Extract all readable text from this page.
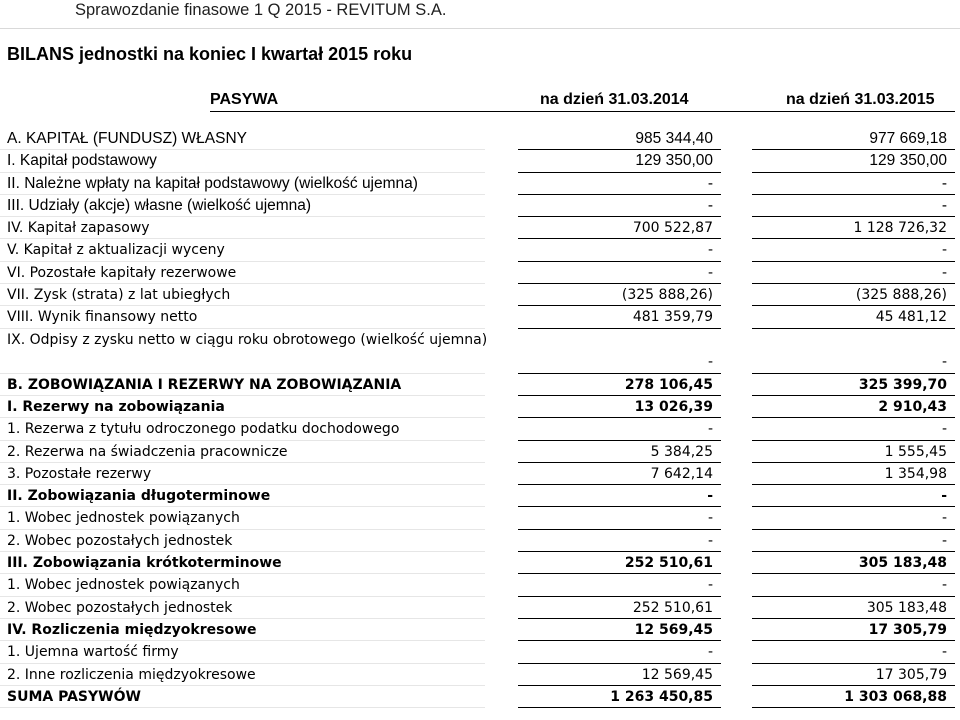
Sprawozdanie finasowe 1 Q 2015 - REVITUM S.A.
BILANS jednostki na koniec I kwartał 2015 roku
PASYWA	na dzień 31.03.2014	na dzień 31.03.2015
A. KAPITAŁ (FUNDUSZ) WŁASNY	985 344,40	977 669,18
I. Kapitał podstawowy	129 350,00	129 350,00
II. Należne wpłaty na kapitał podstawowy (wielkość ujemna)	-	-
III. Udziały (akcje) własne (wielkość ujemna)	-	-
IV. Kapitał zapasowy	700 522,87	1 128 726,32
V. Kapitał z aktualizacji wyceny	-	-
VI. Pozostałe kapitały rezerwowe	-	-
VII. Zysk (strata) z lat ubiegłych	(325 888,26)	(325 888,26)
VIII. Wynik finansowy netto	481 359,79	45 481,12
IX. Odpisy z zysku netto w ciągu roku obrotowego (wielkość ujemna)
-	-
B. ZOBOWIĄZANIA I REZERWY NA ZOBOWIĄZANIA	278 106,45	325 399,70
I. Rezerwy na zobowiązania	13 026,39	2 910,43
1. Rezerwa z tytułu odroczonego podatku dochodowego	-	-
2. Rezerwa na świadczenia pracownicze	5 384,25	1 555,45
3. Pozostałe rezerwy	7 642,14	1 354,98
II. Zobowiązania długoterminowe	-	-
1. Wobec jednostek powiązanych	-	-
2. Wobec pozostałych jednostek	-	-
III. Zobowiązania krótkoterminowe	252 510,61	305 183,48
1. Wobec jednostek powiązanych	-	-
2. Wobec pozostałych jednostek	252 510,61	305 183,48
IV. Rozliczenia międzyokresowe	12 569,45	17 305,79
1. Ujemna wartość firmy	-	-
2. Inne rozliczenia międzyokresowe	12 569,45	17 305,79
SUMA PASYWÓW	1 263 450,85	1 303 068,88
